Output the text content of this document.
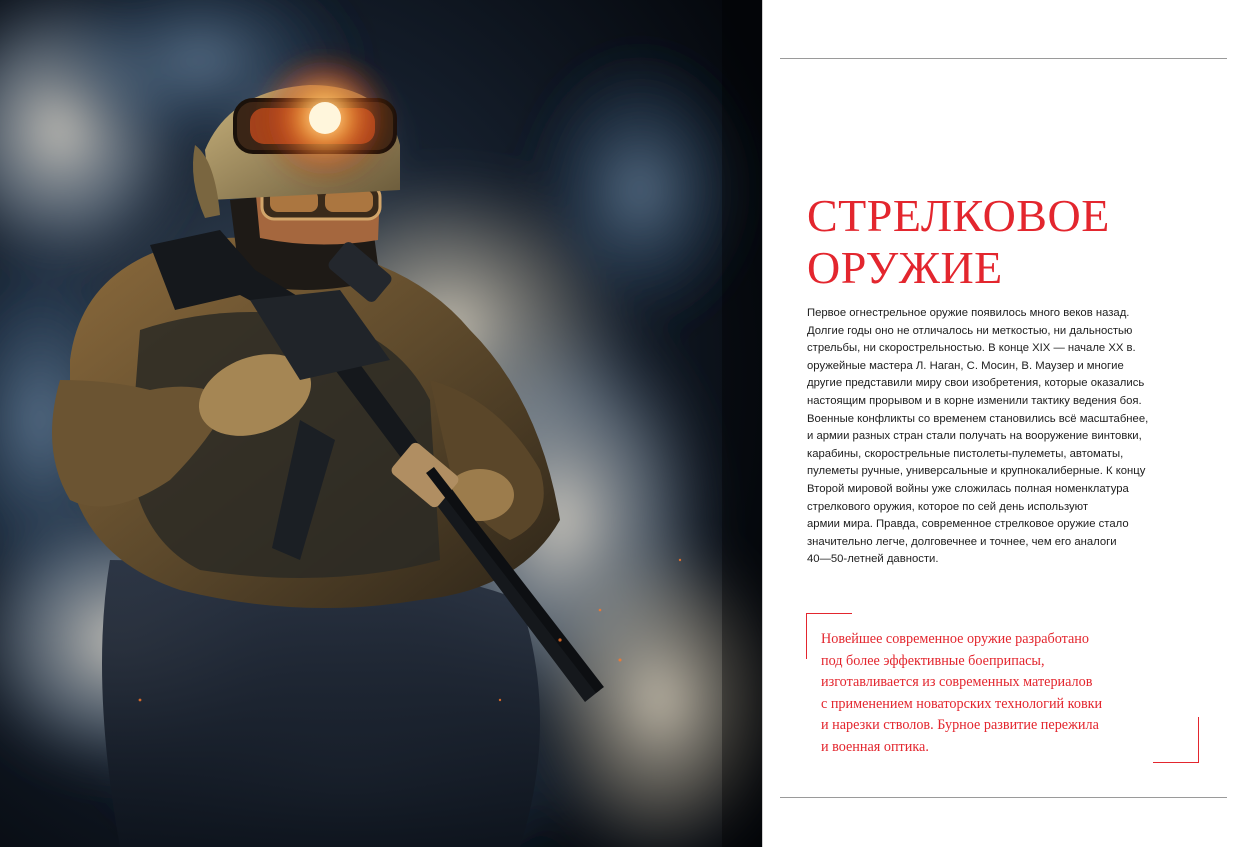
СТРЕЛКОВОЕ
ОРУЖИЕ

Первое огнестрельное оружие появилось много веков назад.
Долгие годы оно не отличалось ни меткостью, ни дальностью
стрельбы, ни скорострельностью. В конце XIX — начале XX в.
оружейные мастера Л. Наган, С. Мосин, В. Маузер и многие
другие представили миру свои изобретения, которые оказались
настоящим прорывом и в корне изменили тактику ведения боя.
Военные конфликты со временем становились всё масштабнее,
и армии разных стран стали получать на вооружение винтовки,
карабины, скорострельные пистолеты-пулеметы, автоматы,
пулеметы ручные, универсальные и крупнокалиберные. К концу
Второй мировой войны уже сложилась полная номенклатура
стрелкового оружия, которое по сей день используют
армии мира. Правда, современное стрелковое оружие стало
значительно легче, долговечнее и точнее, чем его аналоги
40—50-летней давности.

Новейшее современное оружие разработано
под более эффективные боеприпасы,
изготавливается из современных материалов
с применением новаторских технологий ковки
и нарезки стволов. Бурное развитие пережила
и военная оптика.
